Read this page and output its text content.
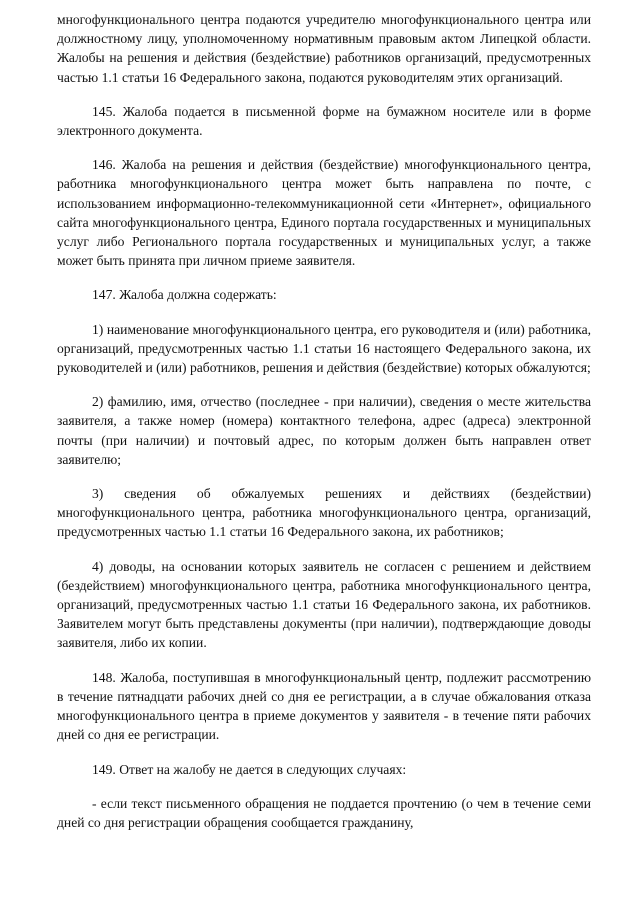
многофункционального центра подаются учредителю многофункционального центра или должностному лицу, уполномоченному нормативным правовым актом Липецкой области. Жалобы на решения и действия (бездействие) работников организаций, предусмотренных частью 1.1 статьи 16 Федерального закона, подаются руководителям этих организаций.

145. Жалоба подается в письменной форме на бумажном носителе или в форме электронного документа.

146. Жалоба на решения и действия (бездействие) многофункционального центра, работника многофункционального центра может быть направлена по почте, с использованием информационно-телекоммуникационной сети «Интернет», официального сайта многофункционального центра, Единого портала государственных и муниципальных услуг либо Регионального портала государственных и муниципальных услуг, а также может быть принята при личном приеме заявителя.

147. Жалоба должна содержать:

1) наименование многофункционального центра, его руководителя и (или) работника, организаций, предусмотренных частью 1.1 статьи 16 настоящего Федерального закона, их руководителей и (или) работников, решения и действия (бездействие) которых обжалуются;

2) фамилию, имя, отчество (последнее - при наличии), сведения о месте жительства заявителя, а также номер (номера) контактного телефона, адрес (адреса) электронной почты (при наличии) и почтовый адрес, по которым должен быть направлен ответ заявителю;

3) сведения об обжалуемых решениях и действиях (бездействии) многофункционального центра, работника многофункционального центра, организаций, предусмотренных частью 1.1 статьи 16 Федерального закона, их работников;

4) доводы, на основании которых заявитель не согласен с решением и действием (бездействием) многофункционального центра, работника многофункционального центра, организаций, предусмотренных частью 1.1 статьи 16 Федерального закона, их работников. Заявителем могут быть представлены документы (при наличии), подтверждающие доводы заявителя, либо их копии.

148. Жалоба, поступившая в многофункциональный центр, подлежит рассмотрению в течение пятнадцати рабочих дней со дня ее регистрации, а в случае обжалования отказа многофункционального центра в приеме документов у заявителя - в течение пяти рабочих дней со дня ее регистрации.

149. Ответ на жалобу не дается в следующих случаях:

- если текст письменного обращения не поддается прочтению (о чем в течение семи дней со дня регистрации обращения сообщается гражданину,
